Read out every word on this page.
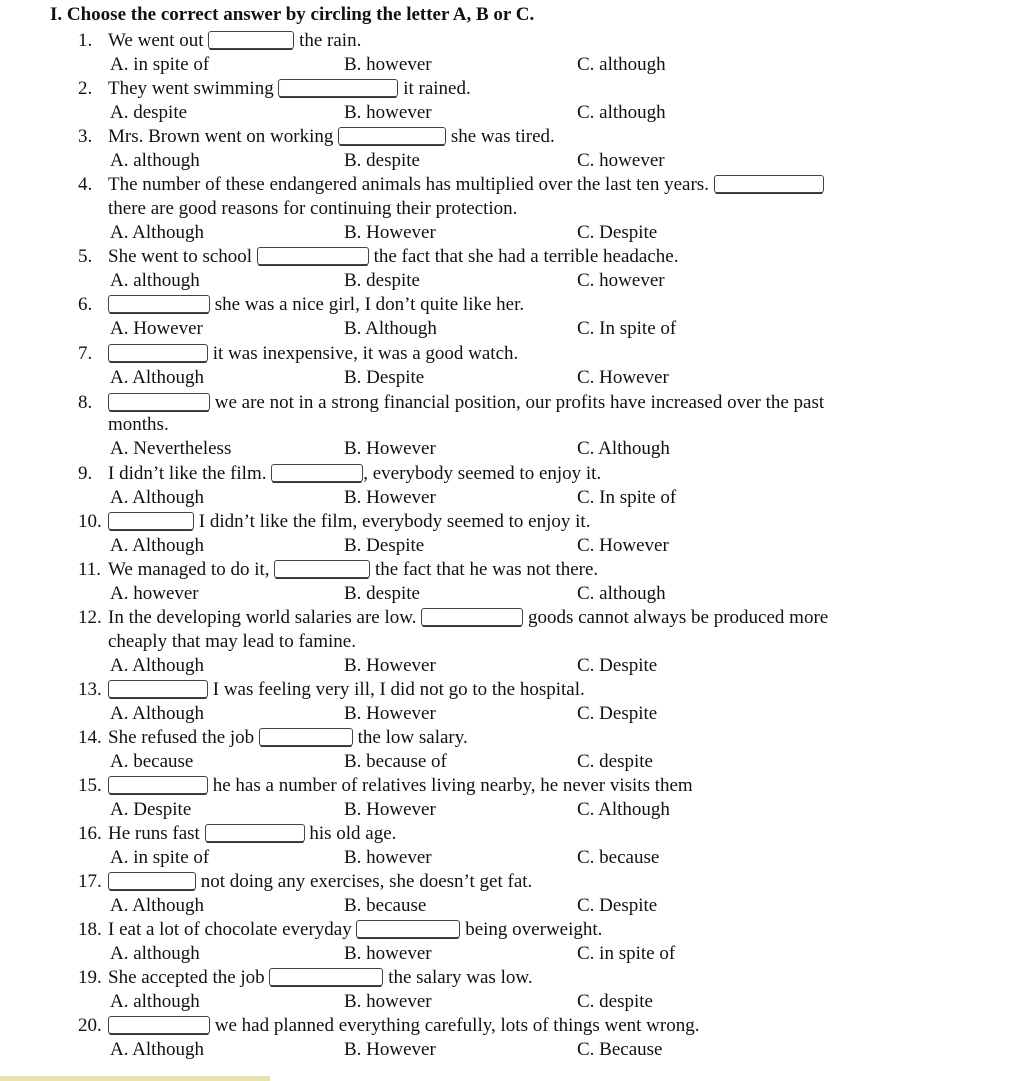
I. Choose the correct answer by circling the letter A, B or C.
1. We went out	the rain.
A. in spite of	B. however	C. although
2. They went swimming	it rained.
A. despite	B. however	C. although
3. Mrs. Brown went on working	she was tired.
A. although	B. despite	C. however
4. The number of these endangered animals has multiplied over the last ten years.
there are good reasons for continuing their protection.
A. Although	B. However	C. Despite
5. She went to school	the fact that she had a terrible headache.
A. although	B. despite	C. however
6.	she was a nice girl, I don’t quite like her.
A. However	B. Although	C. In spite of
7.	it was inexpensive, it was a good watch.
A. Although	B. Despite	C. However
8.	we are not in a strong financial position, our profits have increased over the past
months.
A. Nevertheless	B. However	C. Although
9. I didn’t like the film.	, everybody seemed to enjoy it.
A. Although	B. However	C. In spite of
10.	I didn’t like the film, everybody seemed to enjoy it.
A. Although	B. Despite	C. However
11. We managed to do it,	the fact that he was not there.
A. however	B. despite	C. although
12. In the developing world salaries are low.	goods cannot always be produced more
cheaply that may lead to famine.
A. Although	B. However	C. Despite
13.	I was feeling very ill, I did not go to the hospital.
A. Although	B. However	C. Despite
14. She refused the job	the low salary.
A. because	B. because of	C. despite
15.	he has a number of relatives living nearby, he never visits them
A. Despite	B. However	C. Although
16. He runs fast	his old age.
A. in spite of	B. however	C. because
17.	not doing any exercises, she doesn’t get fat.
A. Although	B. because	C. Despite
18. I eat a lot of chocolate everyday	being overweight.
A. although	B. however	C. in spite of
19. She accepted the job	the salary was low.
A. although	B. however	C. despite
20.	we had planned everything carefully, lots of things went wrong.
A. Although	B. However	C. Because
